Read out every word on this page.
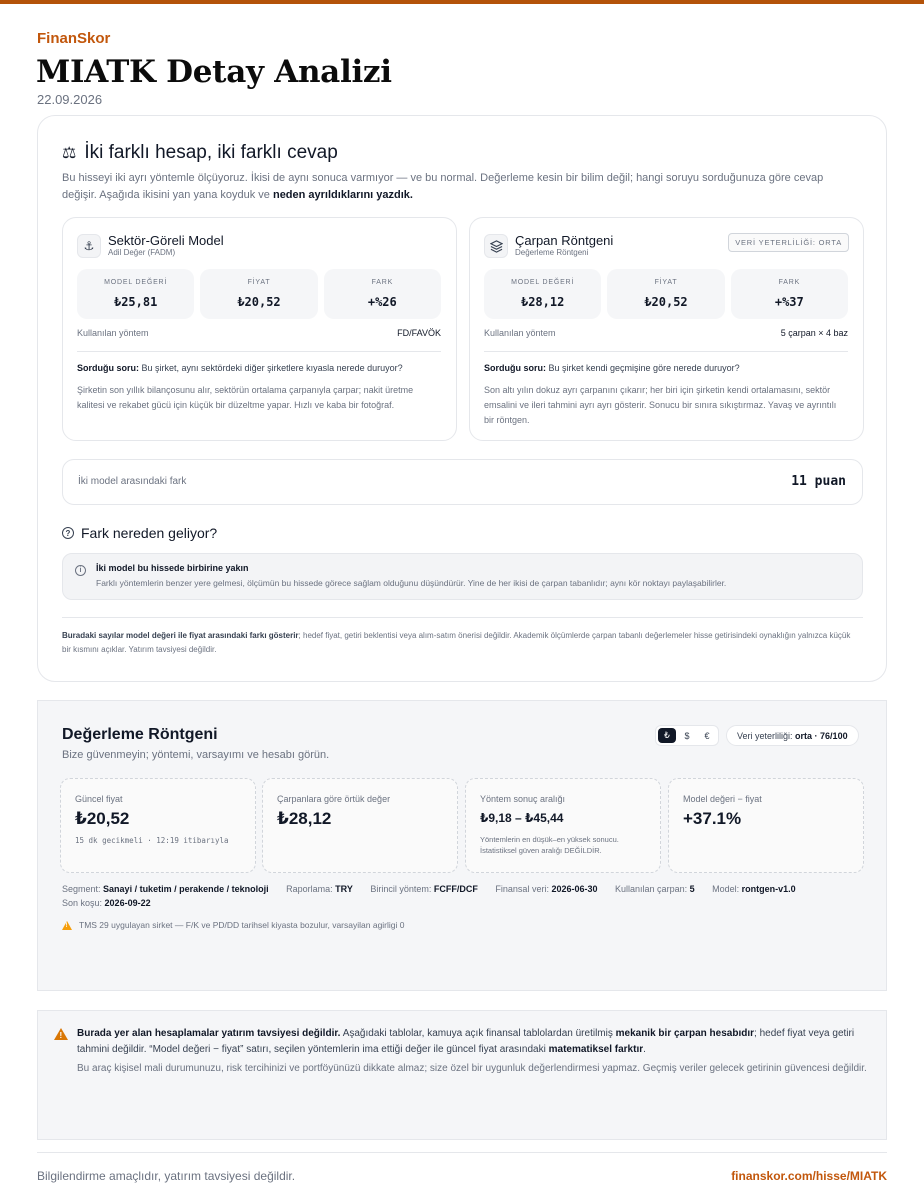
FinanSkor
MIATK Detay Analizi
22.09.2026
⚖ İki farklı hesap, iki farklı cevap

Bu hisseyi iki ayrı yöntemle ölçüyoruz. İkisi de aynı sonuca varmıyor — ve bu normal. Değerleme kesin bir bilim değil; hangi soruyu sorduğunuza göre cevap değişir. Aşağıda ikisini yan yana koyduk ve neden ayrıldıklarını yazdık.

⚓	Sektör-Göreli Model
Adil Değer (FADM)
MODEL DEĞERİ
₺25,81
FİYAT
₺20,52
FARK
+%26
Kullanılan yöntem	FD/FAVÖK
Sorduğu soru: Bu şirket, aynı sektördeki diğer şirketlere kıyasla nerede duruyor?

Şirketin son yıllık bilançosunu alır, sektörün ortalama çarpanıyla çarpar; nakit üretme kalitesi ve rekabet gücü için küçük bir düzeltme yapar. Hızlı ve kaba bir fotoğraf.

Çarpan Röntgeni
Değerleme Röntgeni
VERİ YETERLİLİĞİ: ORTA
MODEL DEĞERİ
₺28,12
FİYAT
₺20,52
FARK
+%37
Kullanılan yöntem	5 çarpan × 4 baz
Sorduğu soru: Bu şirket kendi geçmişine göre nerede duruyor?

Son altı yılın dokuz ayrı çarpanını çıkarır; her biri için şirketin kendi ortalamasını, sektör emsalini ve ileri tahmini ayrı ayrı gösterir. Sonucu bir sınıra sıkıştırmaz. Yavaş ve ayrıntılı bir röntgen.

İki model arasındaki fark	11 puan
? Fark nereden geliyor?
i	İki model bu hissede birbirine yakın
Farklı yöntemlerin benzer yere gelmesi, ölçümün bu hissede görece sağlam olduğunu düşündürür. Yine de her ikisi de çarpan tabanlıdır; aynı kör noktayı paylaşabilirler.

Buradaki sayılar model değeri ile fiyat arasındaki farkı gösterir; hedef fiyat, getiri beklentisi veya alım-satım önerisi değildir. Akademik ölçümlerde çarpan tabanlı değerlemeler hisse getirisindeki oynaklığın yalnızca küçük bir kısmını açıklar. Yatırım tavsiyesi değildir.

Değerleme Röntgeni
Bize güvenmeyin; yöntemi, varsayımı ve hesabı görün.
₺	$	€	Veri yeterliliği:
orta · 76/100
Güncel fiyat
₺20,52
15 dk gecikmeli · 12:19 itibarıyla
Çarpanlara göre örtük değer
₺28,12
Yöntem sonuç aralığı
₺9,18 – ₺45,44
Yöntemlerin en düşük–en yüksek sonucu.
İstatistiksel güven aralığı DEĞİLDİR.
Model değeri − fiyat
+37.1%
Segment: Sanayi / tuketim / perakende / teknoloji Raporlama: TRY Birincil yöntem: FCFF/DCF Finansal veri: 2026-06-30 Kullanılan çarpan: 5 Model: rontgen-v1.0
Son koşu: 2026-09-22
!
TMS 29 uygulayan sirket — F/K ve PD/DD tarihsel kiyasta bozulur, varsayilan agirligi 0
!

Burada yer alan hesaplamalar yatırım tavsiyesi değildir. Aşağıdaki tablolar, kamuya açık finansal tablolardan üretilmiş mekanik bir çarpan hesabıdır; hedef fiyat veya getiri tahmini değildir. “Model değeri − fiyat” satırı, seçilen yöntemlerin ima ettiği değer ile güncel fiyat arasındaki matematiksel farktır.

Bu araç kişisel mali durumunuzu, risk tercihinizi ve portföyünüzü dikkate almaz; size özel bir uygunluk değerlendirmesi yapmaz. Geçmiş veriler gelecek getirinin güvencesi değildir.

Bilgilendirme amaçlıdır, yatırım tavsiyesi değildir.	finanskor.com/hisse/MIATK
